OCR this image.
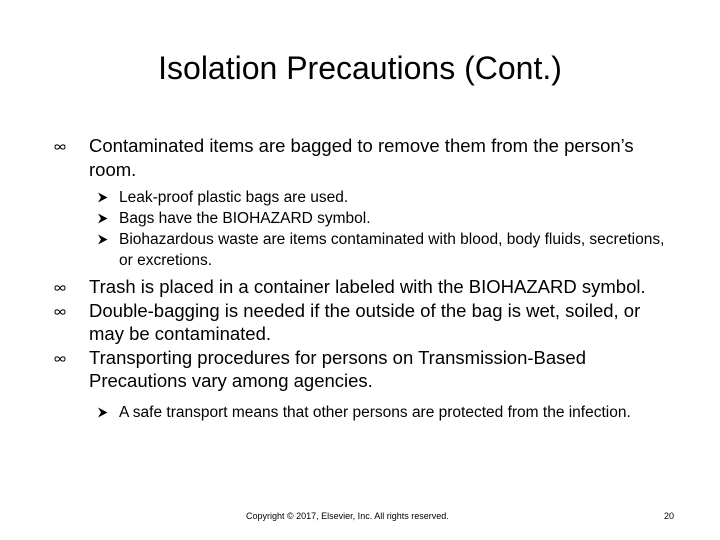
Isolation Precautions (Cont.)
Contaminated items are bagged to remove them from the person’s room.
Leak-proof plastic bags are used.
Bags have the BIOHAZARD symbol.
Biohazardous waste are items contaminated with blood, body fluids, secretions, or excretions.
Trash is placed in a container labeled with the BIOHAZARD symbol.
Double-bagging is needed if the outside of the bag is wet, soiled, or may be contaminated.
Transporting procedures for persons on Transmission-Based Precautions vary among agencies.
A safe transport means that other persons are protected from the infection.
Copyright © 2017, Elsevier, Inc. All rights reserved.	20
